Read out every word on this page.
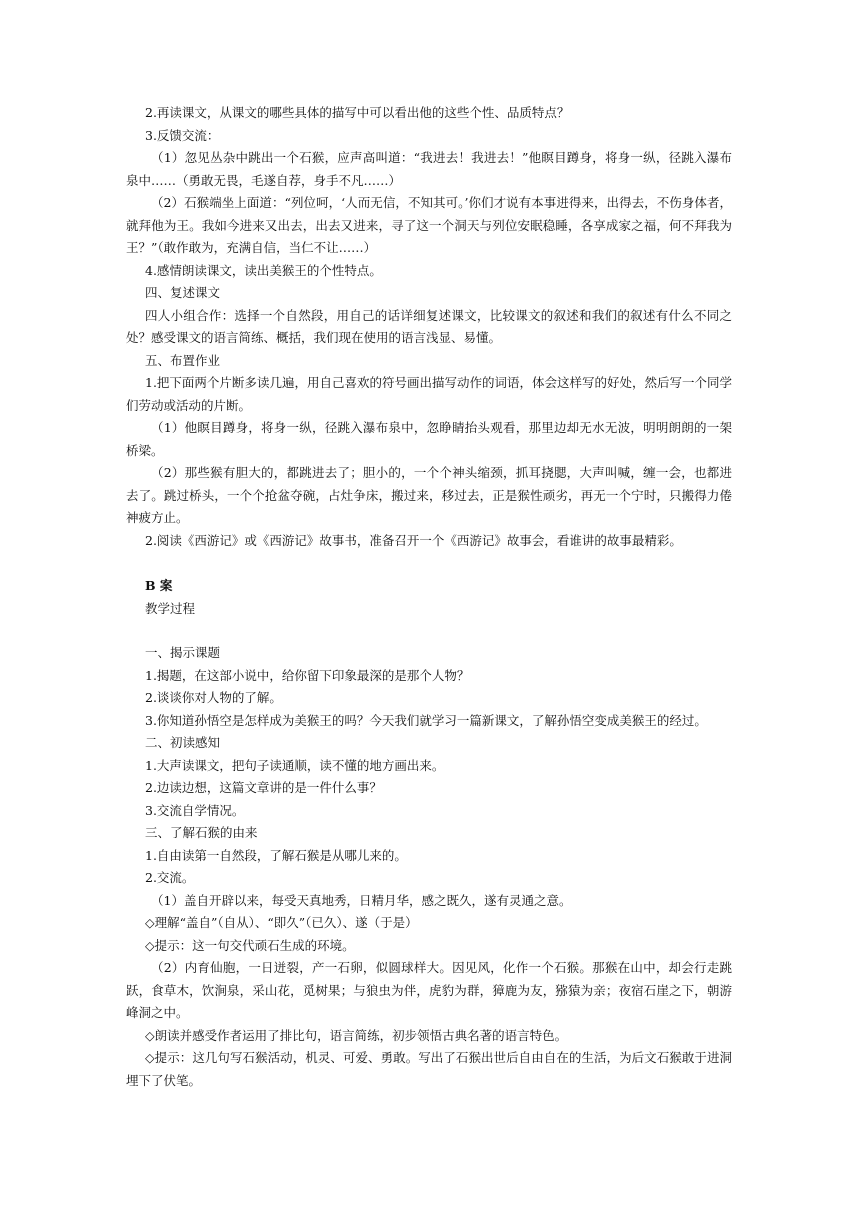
2.再读课文，从课文的哪些具体的描写中可以看出他的这些个性、品质特点？

3.反馈交流：

（1）忽见丛杂中跳出一个石猴，应声高叫道：“我进去！我进去！”他瞑目蹲身，将身一纵，径跳入瀑布泉中……（勇敢无畏，毛遂自荐，身手不凡……）

（2）石猴端坐上面道：“列位呵，‘人而无信，不知其可。’你们才说有本事进得来，出得去，不伤身体者，就拜他为王。我如今进来又出去，出去又进来，寻了这一个洞天与列位安眠稳睡，各享成家之福，何不拜我为王？”（敢作敢为，充满自信，当仁不让……）

4.感情朗读课文，读出美猴王的个性特点。

四、复述课文

四人小组合作：选择一个自然段，用自己的话详细复述课文，比较课文的叙述和我们的叙述有什么不同之处？感受课文的语言简练、概括，我们现在使用的语言浅显、易懂。

五、布置作业

1.把下面两个片断多读几遍，用自己喜欢的符号画出描写动作的词语，体会这样写的好处，然后写一个同学们劳动或活动的片断。

（1）他瞑目蹲身，将身一纵，径跳入瀑布泉中，忽睁睛抬头观看，那里边却无水无波，明明朗朗的一架桥梁。

（2）那些猴有胆大的，都跳进去了；胆小的，一个个神头缩颈，抓耳挠腮，大声叫喊，缠一会，也都进去了。跳过桥头，一个个抢盆夺碗，占灶争床，搬过来，移过去，正是猴性顽劣，再无一个宁时，只搬得力倦神疲方止。

2.阅读《西游记》或《西游记》故事书，准备召开一个《西游记》故事会，看谁讲的故事最精彩。

B 案

教学过程

一、揭示课题

1.揭题，在这部小说中，给你留下印象最深的是那个人物？

2.谈谈你对人物的了解。

3.你知道孙悟空是怎样成为美猴王的吗？今天我们就学习一篇新课文，了解孙悟空变成美猴王的经过。

二、初读感知

1.大声读课文，把句子读通顺，读不懂的地方画出来。

2.边读边想，这篇文章讲的是一件什么事？

3.交流自学情况。

三、了解石猴的由来

1.自由读第一自然段，了解石猴是从哪儿来的。

2.交流。

（1）盖自开辟以来，每受天真地秀，日精月华，感之既久，遂有灵通之意。

◇理解“盖自”（自从）、“即久”（已久）、遂（于是）

◇提示：这一句交代顽石生成的环境。

（2）内育仙胞，一日迸裂，产一石卵，似圆球样大。因见风，化作一个石猴。那猴在山中，却会行走跳跃，食草木，饮涧泉，采山花，觅树果；与狼虫为伴，虎豹为群，獐鹿为友，猕猿为亲；夜宿石崖之下，朝游峰洞之中。

◇朗读并感受作者运用了排比句，语言简练，初步领悟古典名著的语言特色。

◇提示：这几句写石猴活动，机灵、可爱、勇敢。写出了石猴出世后自由自在的生活，为后文石猴敢于进洞埋下了伏笔。
